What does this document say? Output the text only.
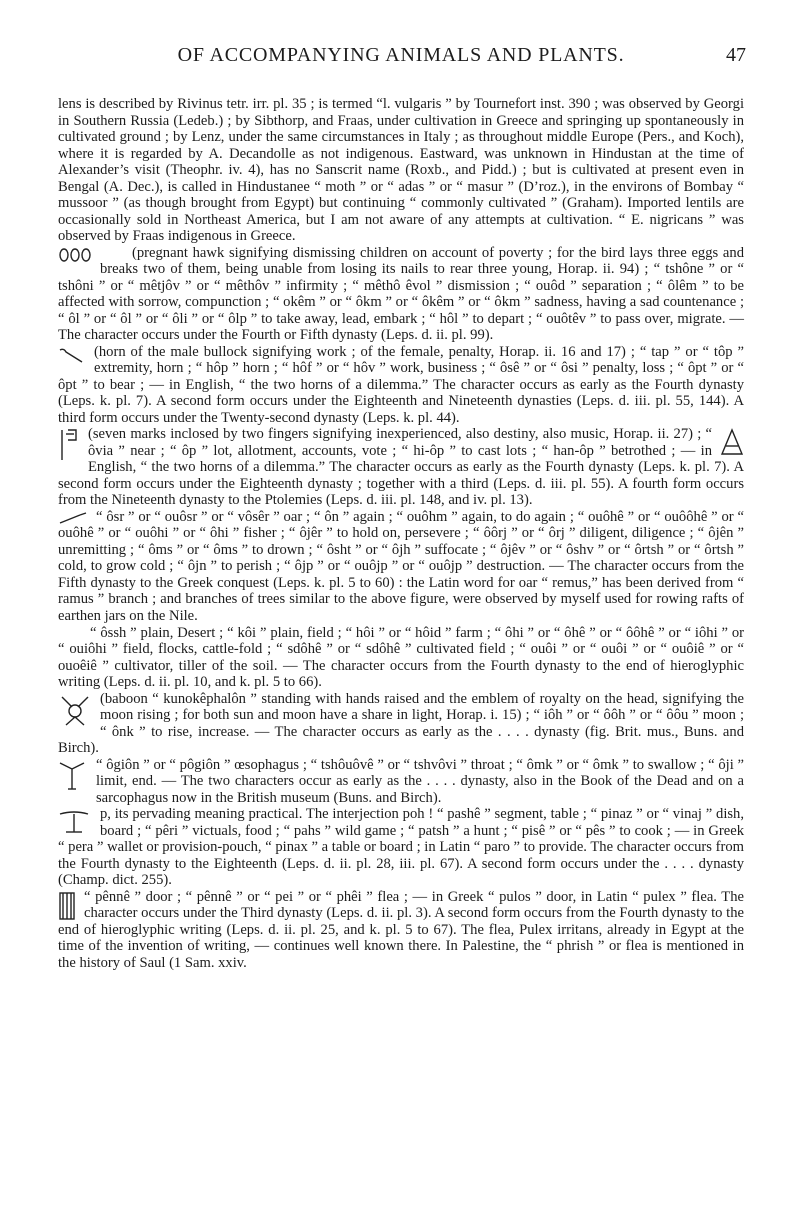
OF ACCOMPANYING ANIMALS AND PLANTS.	47

lens is described by Rivinus tetr. irr. pl. 35 ; is termed “l. vulgaris ” by Tournefort inst. 390 ; was observed by Georgi in Southern Russia (Ledeb.) ; by Sibthorp, and Fraas, under cultivation in Greece and springing up spontaneously in cultivated ground ; by Lenz, under the same circumstances in Italy ; as throughout middle Europe (Pers., and Koch), where it is regarded by A. Decandolle as not indigenous. Eastward, was unknown in Hindustan at the time of Alexander’s visit (Theophr. iv. 4), has no Sanscrit name (Roxb., and Pidd.) ; but is cultivated at present even in Bengal (A. Dec.), is called in Hindustanee “ moth ” or “ adas ” or “ masur ” (D’roz.), in the environs of Bombay “ mussoor ” (as though brought from Egypt) but continuing “ commonly cultivated ” (Graham). Imported lentils are occasionally sold in Northeast America, but I am not aware of any attempts at cultivation. “ E. nigricans ” was observed by Fraas indigenous in Greece.

(pregnant hawk signifying dismissing children on account of poverty ; for the bird lays three eggs and breaks two of them, being unable from losing its nails to rear three young, Horap. ii. 94) ; “ tshône ” or “ tshôni ” or “ mêtjôv ” or “ mêthôv ” infirmity ; “ mêthô êvol ” dismission ; “ ouôd ” separation ; “ ôlêm ” to be affected with sorrow, compunction ; “ okêm ” or “ ôkm ” or “ ôkêm ” or “ ôkm ” sadness, having a sad countenance ; “ ôl ” or “ ôl ” or “ ôli ” or “ ôlp ” to take away, lead, embark ; “ hôl ” to depart ; “ ouôtêv ” to pass over, migrate. — The character occurs under the Fourth or Fifth dynasty (Leps. d. ii. pl. 99).

(horn of the male bullock signifying work ; of the female, penalty, Horap. ii. 16 and 17) ; “ tap ” or “ tôp ” extremity, horn ; “ hôp ” horn ; “ hôf ” or “ hôv ” work, business ; “ ôsê ” or “ ôsi ” penalty, loss ; “ ôpt ” or “ ôpt ” to bear ; — in English, “ the two horns of a dilemma.” The character occurs as early as the Fourth dynasty (Leps. k. pl. 7). A second form occurs under the Eighteenth and Nineteenth dynasties (Leps. d. iii. pl. 55, 144). A third form occurs under the Twenty-second dynasty (Leps. k. pl. 44).

(seven marks inclosed by two fingers signifying inexperienced, also destiny, also music, Horap. ii. 27) ; “ ôvia ” near ; “ ôp ” lot, allotment, accounts, vote ; “ hi-ôp ” to cast lots ; “ han-ôp ” betrothed ; — in English, “ the two horns of a dilemma.” The character occurs as early as the Fourth dynasty (Leps. k. pl. 7). A second form occurs under the Eighteenth dynasty ; together with a third (Leps. d. iii. pl. 55). A fourth form occurs from the Nineteenth dynasty to the Ptolemies (Leps. d. iii. pl. 148, and iv. pl. 13).

“ ôsr ” or “ ouôsr ” or “ vôsêr ” oar ; “ ôn ” again ; “ ouôhm ” again, to do again ; “ ouôhê ” or “ ouôôhê ” or “ ouôhê ” or “ ouôhi ” or “ ôhi ” fisher ; “ ôjêr ” to hold on, persevere ; “ ôôrj ” or “ ôrj ” diligent, diligence ; “ ôjên ” unremitting ; “ ôms ” or “ ôms ” to drown ; “ ôsht ” or “ ôjh ” suffocate ; “ ôjêv ” or “ ôshv ” or “ ôrtsh ” or “ ôrtsh ” cold, to grow cold ; “ ôjn ” to perish ; “ ôjp ” or “ ouôjp ” or “ ouôjp ” destruction. — The character occurs from the Fifth dynasty to the Greek conquest (Leps. k. pl. 5 to 60) : the Latin word for oar “ remus,” has been derived from “ ramus ” branch ; and branches of trees similar to the above figure, were observed by myself used for rowing rafts of earthen jars on the Nile.

“ ôssh ” plain, Desert ; “ kôi ” plain, field ; “ hôi ” or “ hôid ” farm ; “ ôhi ” or “ ôhê ” or “ ôôhê ” or “ iôhi ” or “ ouiôhi ” field, flocks, cattle-fold ; “ sdôhê ” or “ sdôhê ” cultivated field ; “ ouôi ” or “ ouôi ” or “ ouôiê ” or “ ouoêiê ” cultivator, tiller of the soil. — The character occurs from the Fourth dynasty to the end of hieroglyphic writing (Leps. d. ii. pl. 10, and k. pl. 5 to 66).

(baboon “ kunokêphalôn ” standing with hands raised and the emblem of royalty on the head, signifying the moon rising ; for both sun and moon have a share in light, Horap. i. 15) ; “ iôh ” or “ ôôh ” or “ ôôu ” moon ; “ ônk ” to rise, increase. — The character occurs as early as the . . . . dynasty (fig. Brit. mus., Buns. and Birch).

“ ôgiôn ” or “ pôgiôn ” œsophagus ; “ tshôuôvê ” or “ tshvôvi ” throat ; “ ômk ” or “ ômk ” to swallow ; “ ôji ” limit, end. — The two characters occur as early as the . . . . dynasty, also in the Book of the Dead and on a sarcophagus now in the British museum (Buns. and Birch).

p, its pervading meaning practical. The interjection poh ! “ pashê ” segment, table ; “ pinaz ” or “ vinaj ” dish, board ; “ pêri ” victuals, food ; “ pahs ” wild game ; “ patsh ” a hunt ; “ pisê ” or “ pês ” to cook ; — in Greek “ pera ” wallet or provision-pouch, “ pinax ” a table or board ; in Latin “ paro ” to provide. The character occurs from the Fourth dynasty to the Eighteenth (Leps. d. ii. pl. 28, iii. pl. 67). A second form occurs under the . . . . dynasty (Champ. dict. 255).

“ pênnê ” door ; “ pênnê ” or “ pei ” or “ phêi ” flea ; — in Greek “ pulos ” door, in Latin “ pulex ” flea. The character occurs under the Third dynasty (Leps. d. ii. pl. 3). A second form occurs from the Fourth dynasty to the end of hieroglyphic writing (Leps. d. ii. pl. 25, and k. pl. 5 to 67). The flea, Pulex irritans, already in Egypt at the time of the invention of writing, — continues well known there. In Palestine, the “ phrish ” or flea is mentioned in the history of Saul (1 Sam. xxiv.
